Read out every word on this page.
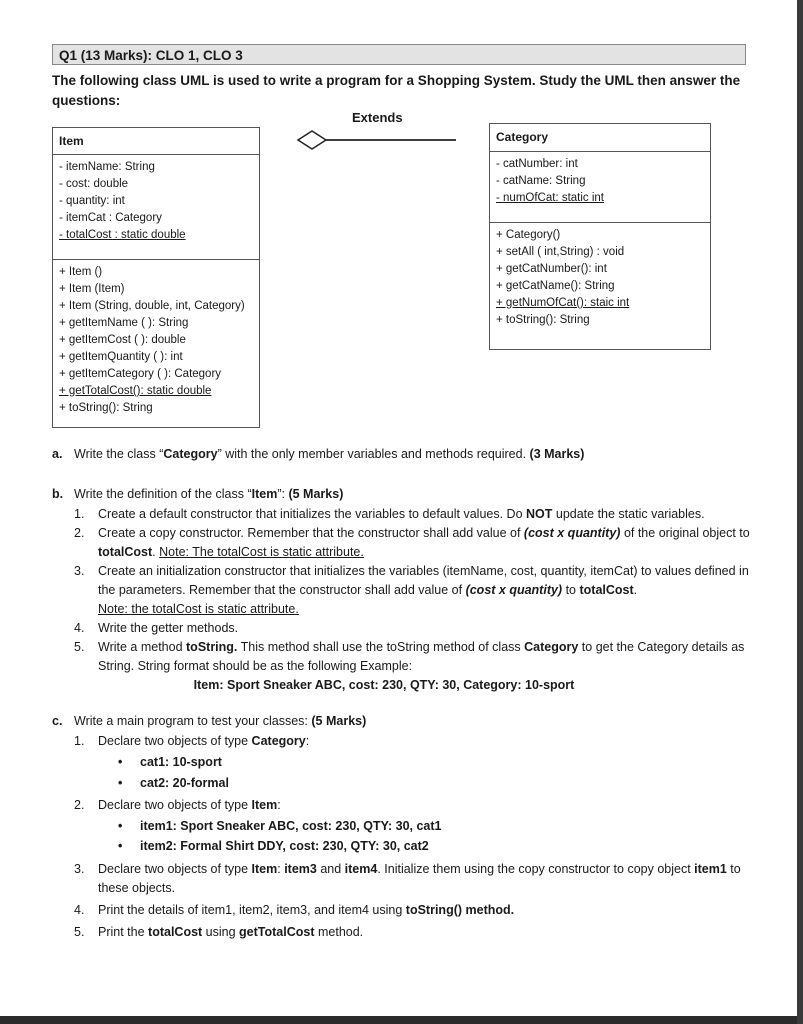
Q1 (13 Marks): CLO 1, CLO 3
The following class UML is used to write a program for a Shopping System. Study the UML then answer the questions:
Item
- itemName: String
- cost: double
- quantity: int
- itemCat : Category
- totalCost : static double
+ Item ()
+ Item (Item)
+ Item (String, double, int, Category)
+ getItemName ( ): String
+ getItemCost ( ): double
+ getItemQuantity ( ): int
+ getItemCategory ( ): Category
+ getTotalCost(): static double
+ toString(): String
Extends
Category
- catNumber: int
- catName: String
- numOfCat: static int
+ Category()
+ setAll ( int,String) : void
+ getCatNumber(): int
+ getCatName(): String
+ getNumOfCat(): staic int
+ toString(): String
a. Write the class “Category” with the only member variables and methods required. (3 Marks)
b. Write the definition of the class “Item”: (5 Marks)
1.	Create a default constructor that initializes the variables to default values. Do NOT update the static variables.
2.	Create a copy constructor. Remember that the constructor shall add value of (cost x quantity) of the original object to totalCost. Note: The totalCost is static attribute.
3.	Create an initialization constructor that initializes the variables (itemName, cost, quantity, itemCat) to values defined in the parameters. Remember that the constructor shall add value of (cost x quantity) to totalCost.
Note: the totalCost is static attribute.
4.	Write the getter methods.
5.	Write a method toString. This method shall use the toString method of class Category to get the Category details as String. String format should be as the following Example:
Item: Sport Sneaker ABC, cost: 230, QTY: 30, Category: 10-sport
c. Write a main program to test your classes: (5 Marks)
1.	Declare two objects of type Category:
• cat1: 10-sport
• cat2: 20-formal
2.	Declare two objects of type Item:
• item1: Sport Sneaker ABC, cost: 230, QTY: 30, cat1
• item2: Formal Shirt DDY, cost: 230, QTY: 30, cat2
3.	Declare two objects of type Item: item3 and item4. Initialize them using the copy constructor to copy object item1 to these objects.
4.	Print the details of item1, item2, item3, and item4 using toString() method.
5.	Print the totalCost using getTotalCost method.
